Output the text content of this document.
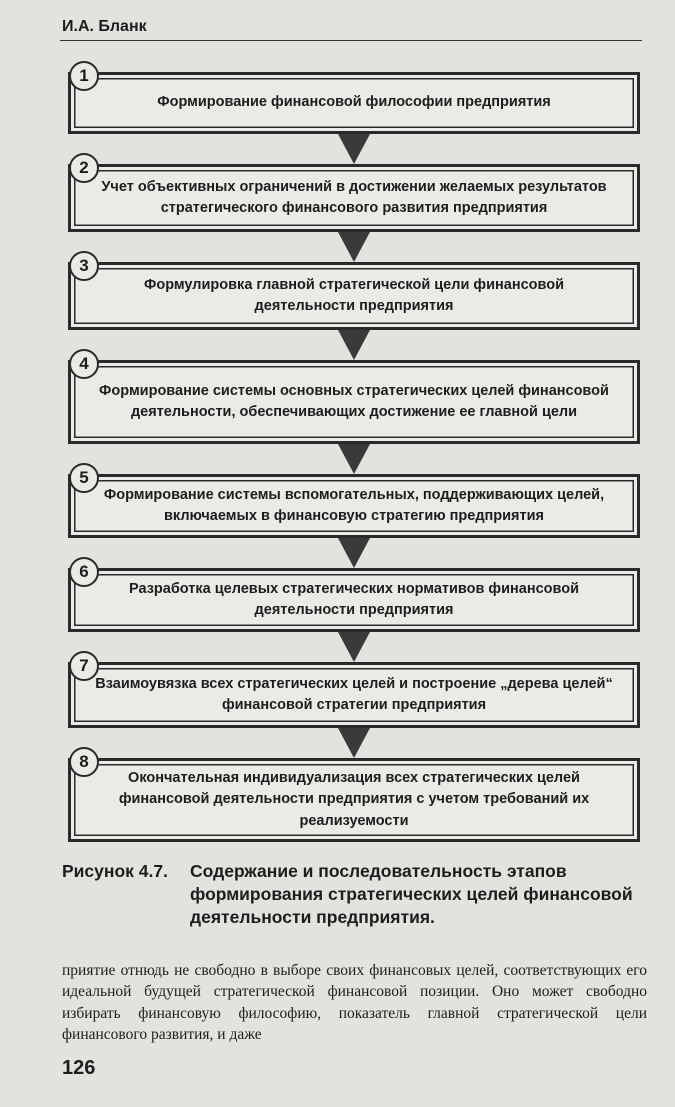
И.А. Бланк
1
Формирование финансовой философии предприятия
2
Учет объективных ограничений в достижении желаемых результатов стратегического финансового развития предприятия
3
Формулировка главной стратегической цели финансовой деятельности предприятия
4
Формирование системы основных стратегических целей финансовой деятельности, обеспечивающих достижение ее главной цели
5
Формирование системы вспомогательных, поддерживающих целей, включаемых в финансовую стратегию предприятия
6
Разработка целевых стратегических нормативов финансовой деятельности предприятия
7
Взаимоувязка всех стратегических целей и построение „дерева целей“ финансовой стратегии предприятия
8
Окончательная индивидуализация всех стратегических целей финансовой деятельности предприятия с учетом требований их реализуемости
Рисунок 4.7.	Содержание и последовательность этапов формирования стратегических целей финансовой деятельности предприятия.
приятие отнюдь не свободно в выборе своих финансовых целей, соответствующих его идеальной будущей стратегической финансовой позиции. Оно может свободно избирать финансовую философию, показатель главной стратегической цели финансового развития, и даже
126
